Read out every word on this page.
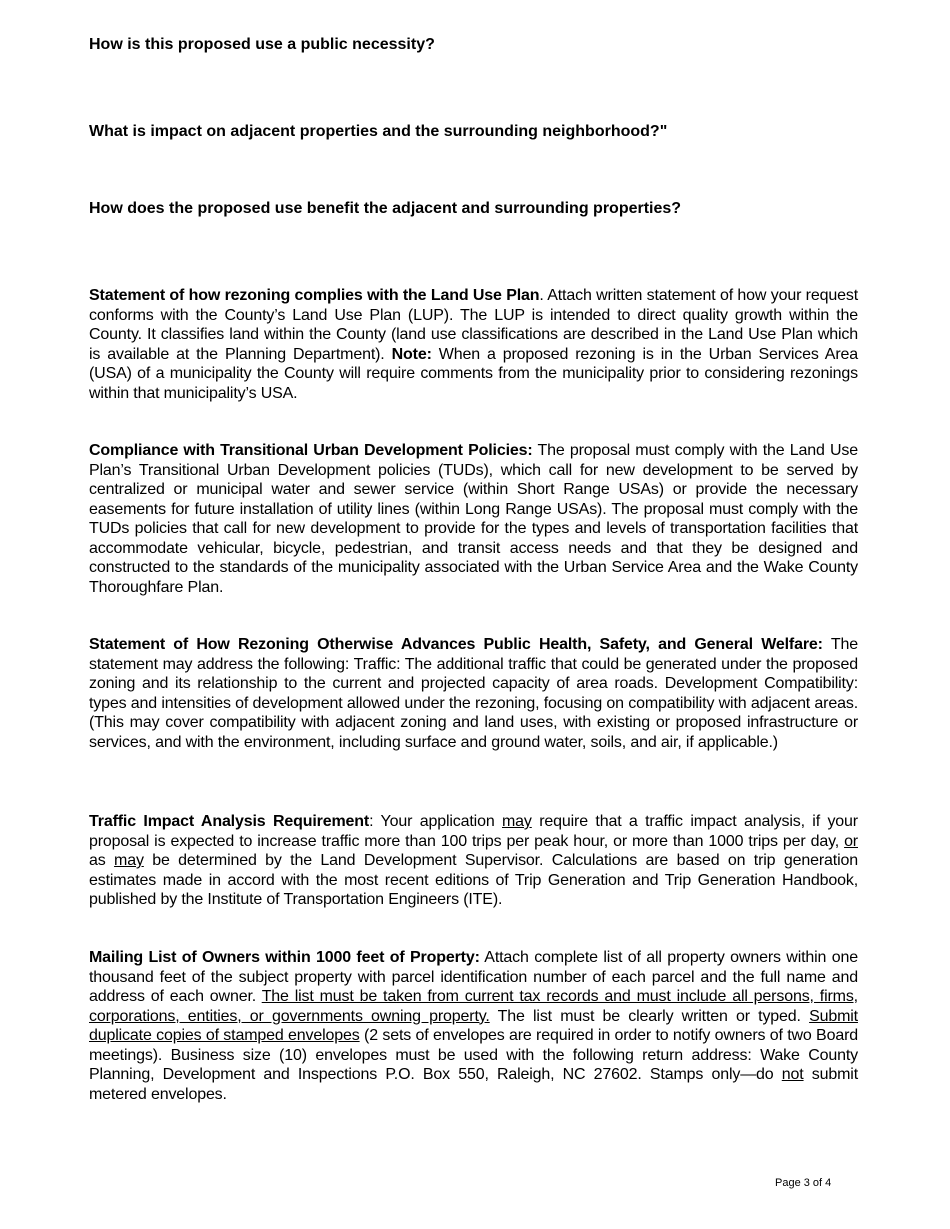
How is this proposed use a public necessity?
What is impact on adjacent properties and the surrounding neighborhood?"
How does the proposed use benefit the adjacent and surrounding properties?
Statement of how rezoning complies with the Land Use Plan. Attach written statement of how your request conforms with the County’s Land Use Plan (LUP). The LUP is intended to direct quality growth within the County. It classifies land within the County (land use classifications are described in the Land Use Plan which is available at the Planning Department). Note: When a proposed rezoning is in the Urban Services Area (USA) of a municipality the County will require comments from the municipality prior to considering rezonings within that municipality’s USA.
Compliance with Transitional Urban Development Policies: The proposal must comply with the Land Use Plan’s Transitional Urban Development policies (TUDs), which call for new development to be served by centralized or municipal water and sewer service (within Short Range USAs) or provide the necessary easements for future installation of utility lines (within Long Range USAs). The proposal must comply with the TUDs policies that call for new development to provide for the types and levels of transportation facilities that accommodate vehicular, bicycle, pedestrian, and transit access needs and that they be designed and constructed to the standards of the municipality associated with the Urban Service Area and the Wake County Thoroughfare Plan.
Statement of How Rezoning Otherwise Advances Public Health, Safety, and General Welfare: The statement may address the following: Traffic: The additional traffic that could be generated under the proposed zoning and its relationship to the current and projected capacity of area roads. Development Compatibility: types and intensities of development allowed under the rezoning, focusing on compatibility with adjacent areas. (This may cover compatibility with adjacent zoning and land uses, with existing or proposed infrastructure or services, and with the environment, including surface and ground water, soils, and air, if applicable.)
Traffic Impact Analysis Requirement: Your application may require that a traffic impact analysis, if your proposal is expected to increase traffic more than 100 trips per peak hour, or more than 1000 trips per day, or as may be determined by the Land Development Supervisor. Calculations are based on trip generation estimates made in accord with the most recent editions of Trip Generation and Trip Generation Handbook, published by the Institute of Transportation Engineers (ITE).
Mailing List of Owners within 1000 feet of Property: Attach complete list of all property owners within one thousand feet of the subject property with parcel identification number of each parcel and the full name and address of each owner. The list must be taken from current tax records and must include all persons, firms, corporations, entities, or governments owning property. The list must be clearly written or typed. Submit duplicate copies of stamped envelopes (2 sets of envelopes are required in order to notify owners of two Board meetings). Business size (10) envelopes must be used with the following return address: Wake County Planning, Development and Inspections P.O. Box 550, Raleigh, NC 27602. Stamps only—do not submit metered envelopes.
Page 3 of 4
